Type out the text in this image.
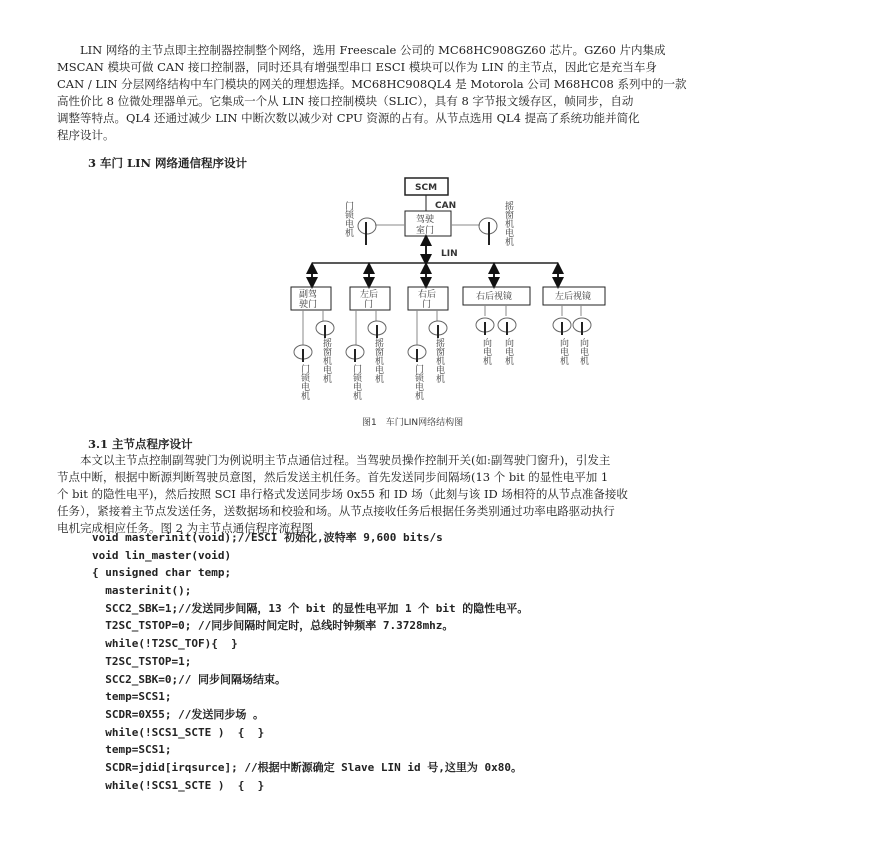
　　LIN 网络的主节点即主控制器控制整个网络，选用 Freescale 公司的 MC68HC908GZ60 芯片。GZ60 片内集成
MSCAN 模块可做 CAN 接口控制器，同时还具有增强型串口 ESCI 模块可以作为 LIN 的主节点，因此它是充当车身
CAN / LIN 分层网络结构中车门模块的网关的理想选择。MC68HC908QL4 是 Motorola 公司 M68HC08 系列中的一款
高性价比 8 位微处理器单元。它集成一个从 LIN 接口控制模块（SLIC），具有 8 字节报文缓存区，帧同步，自动
调整等特点。QL4 还通过减少 LIN 中断次数以减少对 CPU 资源的占有。从节点选用 QL4 提高了系统功能并简化
程序设计。
3 车门 LIN 网络通信程序设计
SCM
CAN
驾驶
室门
门锁电机	摇窗机电机
LIN
副驾
驶门
左后
门
右后
门
右后视镜	左后视镜
门锁电机 摇窗机电机 门锁电机 摇窗机电机	门锁电机 摇窗机电机	向电机 向电机	向电机 向电机
图1　车门LIN网络结构图
3.1 主节点程序设计
　　本文以主节点控制副驾驶门为例说明主节点通信过程。当驾驶员操作控制开关(如:副驾驶门窗升)，引发主
节点中断，根据中断源判断驾驶员意图，然后发送主机任务。首先发送同步间隔场(13 个 bit 的显性电平加 1
个 bit 的隐性电平)，然后按照 SCI 串行格式发送同步场 0x55 和 ID 场（此刻与该 ID 场相符的从节点准备接收
任务），紧接着主节点发送任务，送数据场和校验和场。从节点接收任务后根据任务类别通过功率电路驱动执行
电机完成相应任务。图 2 为主节点通信程序流程图
void masterinit(void);//ESCI 初始化,波特率 9,600 bits/s
void lin_master(void)
{ unsigned char temp;
masterinit();
SCC2_SBK=1;//发送同步间隔，13 个 bit 的显性电平加 1 个 bit 的隐性电平。
T2SC_TSTOP=0; //同步间隔时间定时，总线时钟频率 7.3728mhz。
while(!T2SC_TOF){  }
T2SC_TSTOP=1;
SCC2_SBK=0;// 同步间隔场结束。
temp=SCS1;
SCDR=0X55; //发送同步场 。
while(!SCS1_SCTE )  {  }
temp=SCS1;
SCDR=jdid[irqsurce]; //根据中断源确定 Slave LIN id 号,这里为 0x80。
while(!SCS1_SCTE )  {  }
